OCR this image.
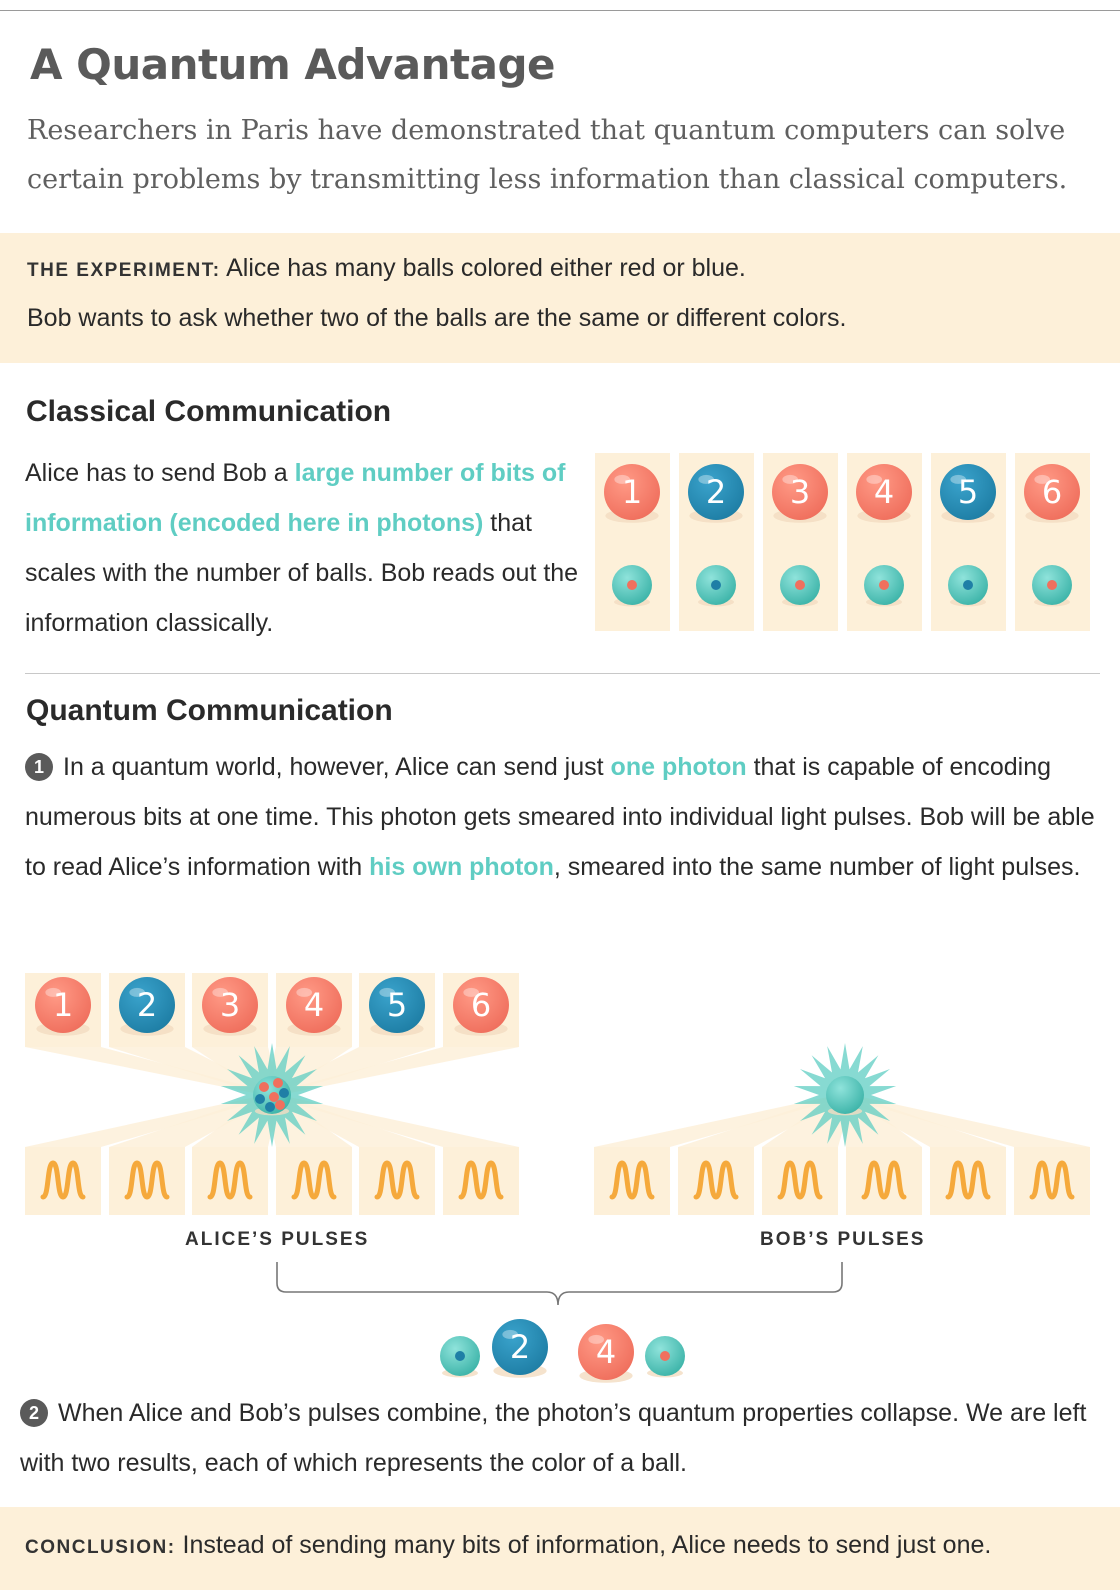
A Quantum Advantage

Researchers in Paris have demonstrated that quantum computers can solve certain problems by transmitting less information than classical computers.

THE EXPERIMENT: Alice has many balls colored either red or blue.
Bob wants to ask whether two of the balls are the same or different colors.
Classical Communication
Alice has to send Bob a large number of bits of information (encoded here in photons) that scales with the number of balls. Bob reads out the information classically.
Quantum Communication
1 In a quantum world, however, Alice can send just one photon that is capable of encoding numerous bits at one time. This photon gets smeared into individual light pulses. Bob will be able to read Alice’s information with his own photon, smeared into the same number of light pulses.
1 2 3 4 5 6
1 2 3 4 5 6
2 4
ALICE’S PULSES	BOB’S PULSES
2 When Alice and Bob’s pulses combine, the photon’s quantum properties collapse. We are left with two results, each of which represents the color of a ball.
CONCLUSION: Instead of sending many bits of information, Alice needs to send just one.
